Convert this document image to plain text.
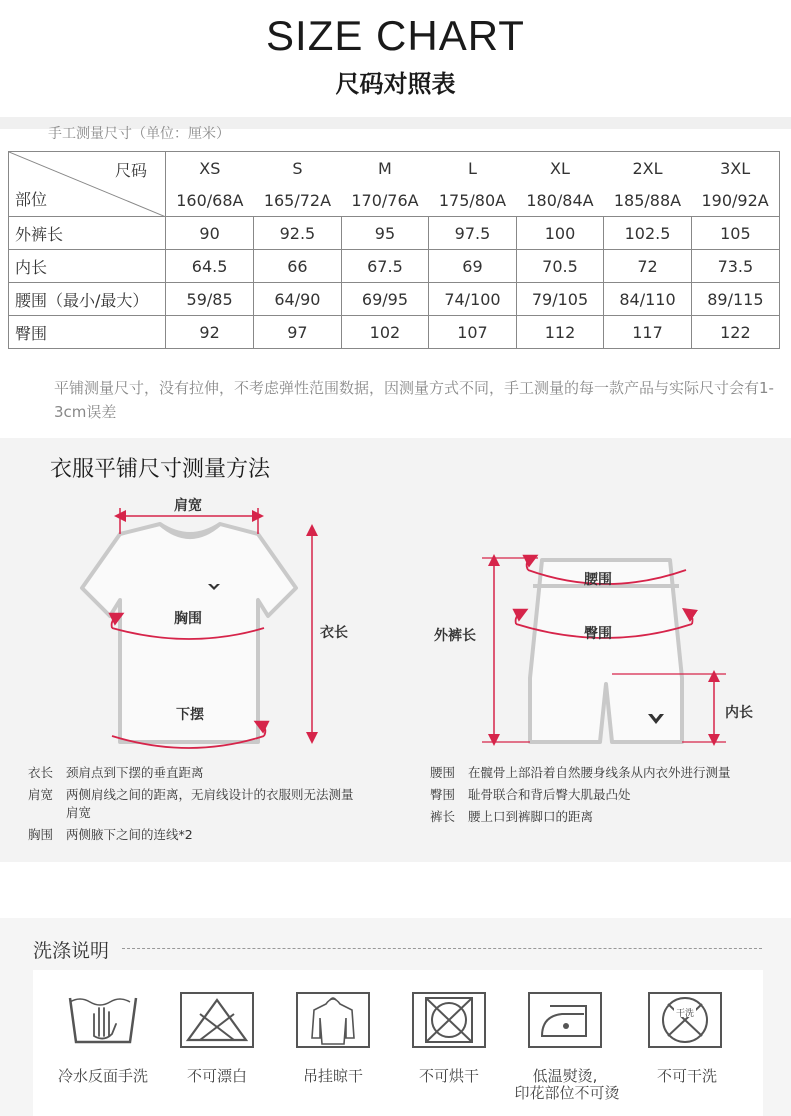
SIZE CHART
尺码对照表
手工测量尺寸（单位：厘米）
尺码
部位	XS	S	M	L	XL	2XL	3XL
	160/68A	165/72A	170/76A	175/80A	180/84A	185/88A	190/92A
外裤长	90	92.5	95	97.5	100	102.5	105
内长	64.5	66	67.5	69	70.5	72	73.5
腰围（最小/最大）	59/85	64/90	69/95	74/100	79/105	84/110	89/115
臀围	92	97	102	107	112	117	122
平铺测量尺寸，没有拉伸，不考虑弹性范围数据，因测量方式不同，手工测量的每一款产品与实际尺寸会有1-3cm误差
衣服平铺尺寸测量方法
肩宽
胸围
衣长
下摆
腰围
臀围
外裤长
内长
衣长 颈肩点到下摆的垂直距离
肩宽	两侧肩线之间的距离，无肩线设计的衣服则无法测量肩宽
胸围 两侧腋下之间的连线*2
腰围 在髋骨上部沿着自然腰身线条从内衣外进行测量
臀围 耻骨联合和背后臀大肌最凸处
裤长 腰上口到裤脚口的距离
洗涤说明
干洗
冷水反面手洗	不可漂白	吊挂晾干	不可烘干	低温熨烫,
印花部位不可烫
不可干洗
